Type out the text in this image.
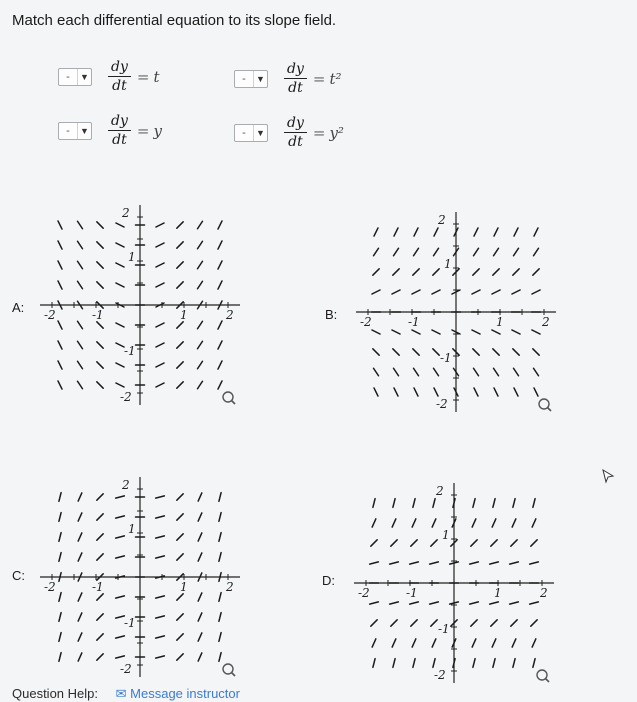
Match each differential equation to its slope field.
-	▼ $\frac{dy}{dt} = t$	-	▼ $\frac{dy}{dt} = t^2$
-	▼ $\frac{dy}{dt} = y$	-	▼ $\frac{dy}{dt} = y^2$
A: -2	2
2
-2
1
-1
-1	1	B: -2	2
2
-2
1
-1
-1	1
C:
-2	2
2
-2
1
-1
-1	1	D:
-2	2
2
-2
1
-1
-1	1
Question Help: ✉ Message instructor
